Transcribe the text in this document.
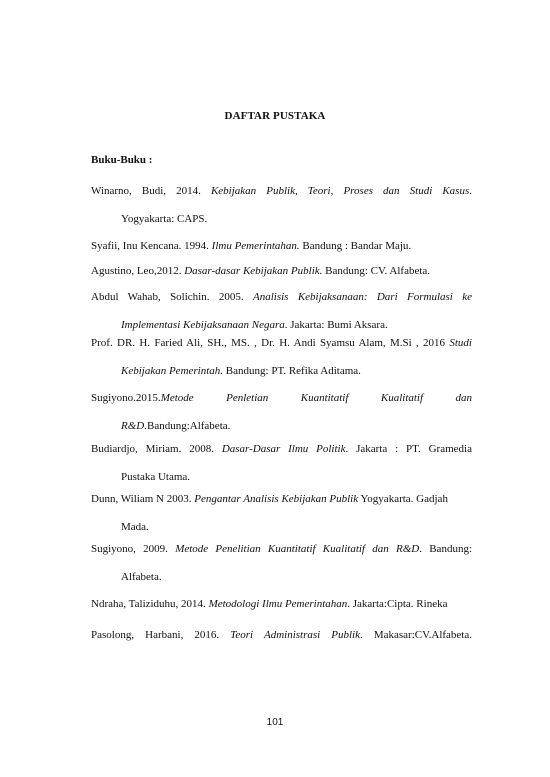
DAFTAR PUSTAKA
Buku-Buku :
Winarno, Budi, 2014. Kebijakan Publik, Teori, Proses dan Studi Kasus.
Yogyakarta: CAPS.
Syafii, Inu Kencana. 1994. Ilmu Pemerintahan. Bandung : Bandar Maju.
Agustino, Leo,2012. Dasar-dasar Kebijakan Publik. Bandung: CV. Alfabeta.
Abdul Wahab, Solichin. 2005. Analisis Kebijaksanaan: Dari Formulasi ke
Implementasi Kebijaksanaan Negara. Jakarta: Bumi Aksara.
Prof. DR. H. Faried Ali, SH., MS. , Dr. H. Andi Syamsu Alam, M.Si , 2016 Studi
Kebijakan Pemerintah. Bandung: PT. Refika Aditama.
Sugiyono.2015.Metode Penletian Kuantitatif Kualitatif dan
R&D.Bandung:Alfabeta.
Budiardjo, Miriam. 2008. Dasar-Dasar Ilmu Politik. Jakarta : PT. Gramedia
Pustaka Utama.
Dunn, Wiliam N 2003. Pengantar Analisis Kebijakan Publik Yogyakarta. Gadjah
Mada.
Sugiyono, 2009. Metode Penelitian Kuantitatif Kualitatif dan R&D. Bandung:
Alfabeta.
Ndraha, Taliziduhu, 2014. Metodologi Ilmu Pemerintahan. Jakarta:Cipta. Rineka
Pasolong, Harbani, 2016. Teori Administrasi Publik. Makasar:CV.Alfabeta.
101
